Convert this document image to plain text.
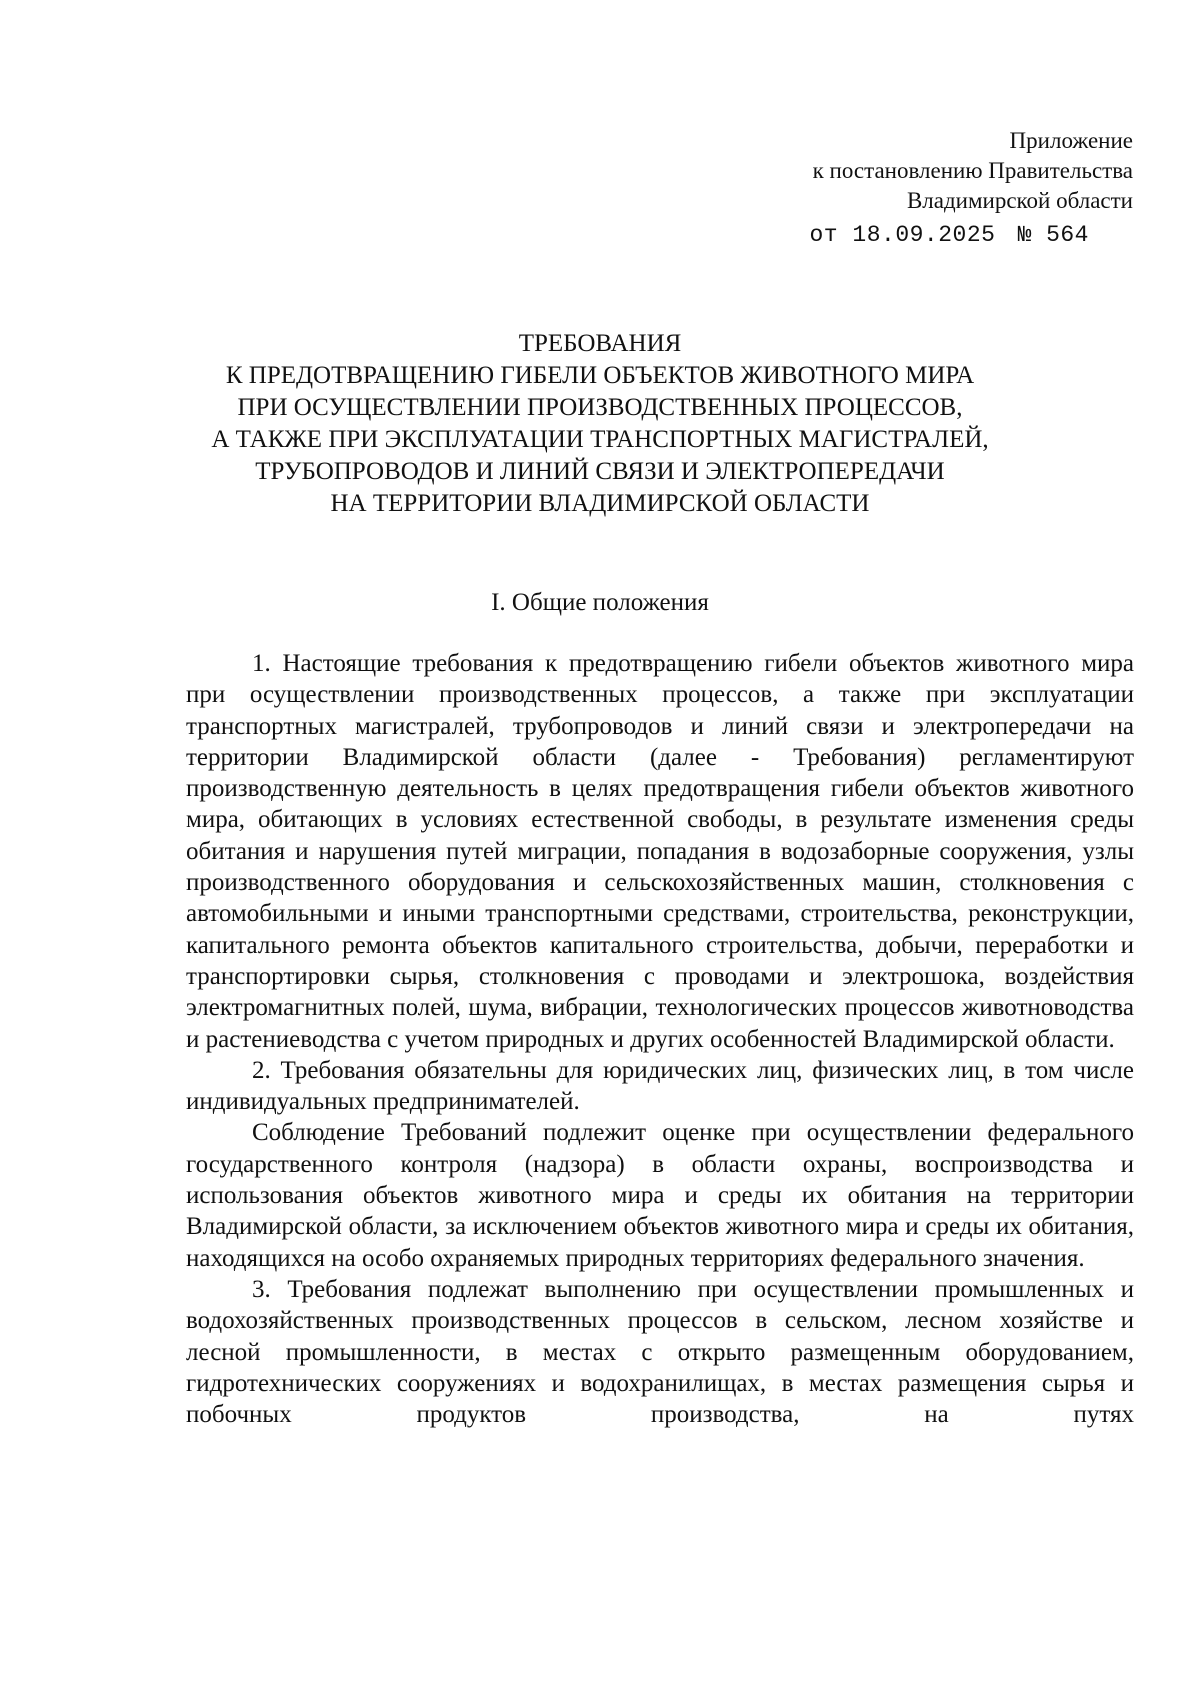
Приложение
к постановлению Правительства
Владимирской области
от 18.09.2025 № 564
ТРЕБОВАНИЯ
К ПРЕДОТВРАЩЕНИЮ ГИБЕЛИ ОБЪЕКТОВ ЖИВОТНОГО МИРА
ПРИ ОСУЩЕСТВЛЕНИИ ПРОИЗВОДСТВЕННЫХ ПРОЦЕССОВ,
А ТАКЖЕ ПРИ ЭКСПЛУАТАЦИИ ТРАНСПОРТНЫХ МАГИСТРАЛЕЙ,
ТРУБОПРОВОДОВ И ЛИНИЙ СВЯЗИ И ЭЛЕКТРОПЕРЕДАЧИ
НА ТЕРРИТОРИИ ВЛАДИМИРСКОЙ ОБЛАСТИ
I. Общие положения

1. Настоящие требования к предотвращению гибели объектов животного мира при осуществлении производственных процессов, а также при эксплуатации транспортных магистралей, трубопроводов и линий связи и электропередачи на территории Владимирской области (далее - Требования) регламентируют производственную деятельность в целях предотвращения гибели объектов животного мира, обитающих в условиях естественной свободы, в результате изменения среды обитания и нарушения путей миграции, попадания в водозаборные сооружения, узлы производственного оборудования и сельскохозяйственных машин, столкновения с автомобильными и иными транспортными средствами, строительства, реконструкции, капитального ремонта объектов капитального строительства, добычи, переработки и транспортировки сырья, столкновения с проводами и электрошока, воздействия электромагнитных полей, шума, вибрации, технологических процессов животноводства и растениеводства с учетом природных и других особенностей Владимирской области.

2. Требования обязательны для юридических лиц, физических лиц, в том числе индивидуальных предпринимателей.

Соблюдение Требований подлежит оценке при осуществлении федерального государственного контроля (надзора) в области охраны, воспроизводства и использования объектов животного мира и среды их обитания на территории Владимирской области, за исключением объектов животного мира и среды их обитания, находящихся на особо охраняемых природных территориях федерального значения.

3. Требования подлежат выполнению при осуществлении промышленных и водохозяйственных производственных процессов в сельском, лесном хозяйстве и лесной промышленности, в местах с открыто размещенным оборудованием, гидротехнических сооружениях и водохранилищах, в местах размещения сырья и побочных продуктов производства, на путях
